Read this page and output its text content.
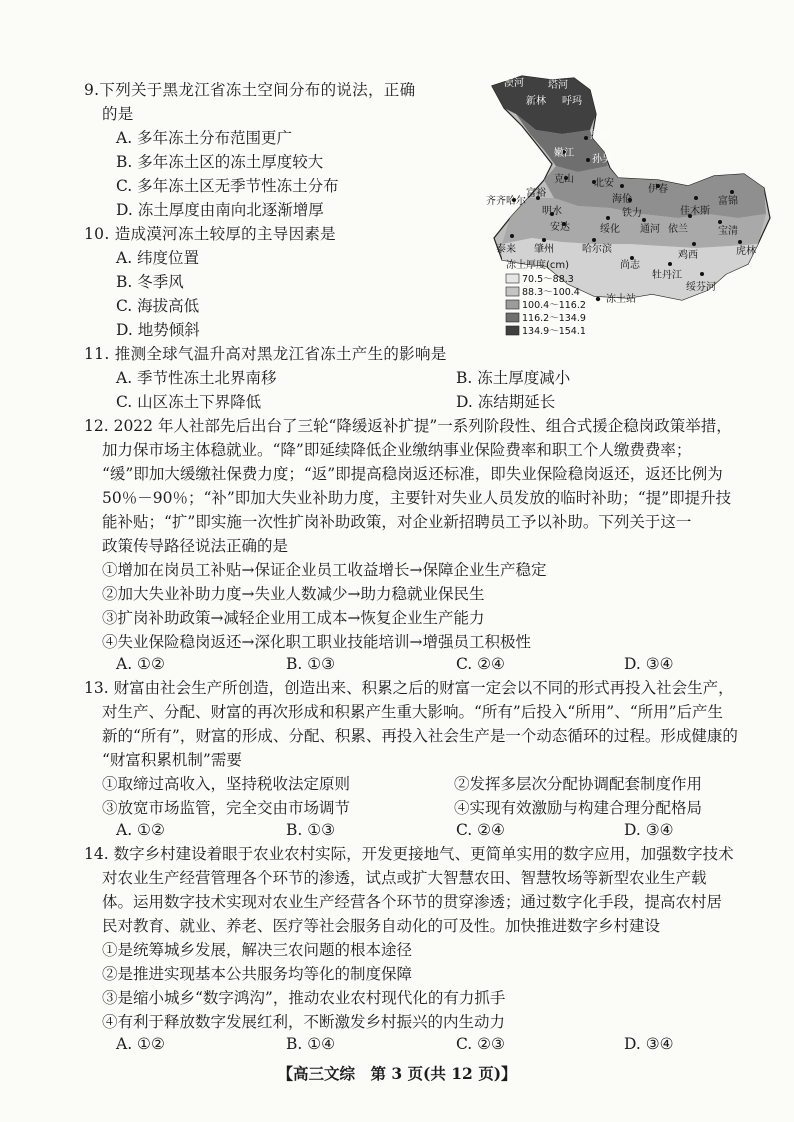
9.下列关于黑龙江省冻土空间分布的说法，正确
的是
A. 多年冻土分布范围更广
B. 多年冻土区的冻土厚度较大
C. 多年冻土区无季节性冻土分布
D. 冻土厚度由南向北逐渐增厚
10. 造成漠河冻土较厚的主导因素是
A. 纬度位置
B. 冬季风
C. 海拔高低
D. 地势倾斜
漠河 塔河
新林 呼玛
黑河
嫩江
孙吴
克山 北安
富裕
明水
海伦
铁力
伊春
齐齐哈尔
安达	绥化 通河
佳木斯
富锦
泰来 肇州	哈尔滨
依兰	宝清
尚志
鸡西	虎林
牡丹江
绥芬河
冻土厚度(cm)
70.5～88.3
88.3～100.4
100.4～116.2
116.2～134.9
134.9～154.1
冻土站
11. 推测全球气温升高对黑龙江省冻土产生的影响是
A. 季节性冻土北界南移	B. 冻土厚度减小
C. 山区冻土下界降低	D. 冻结期延长
12. 2022 年人社部先后出台了三轮“降缓返补扩提”一系列阶段性、组合式援企稳岗政策举措，
加力保市场主体稳就业。“降”即延续降低企业缴纳事业保险费率和职工个人缴费费率；
“缓”即加大缓缴社保费力度；“返”即提高稳岗返还标准，即失业保险稳岗返还，返还比例为
50％－90％；“补”即加大失业补助力度，主要针对失业人员发放的临时补助；“提”即提升技
能补贴；“扩”即实施一次性扩岗补助政策，对企业新招聘员工予以补助。下列关于这一
政策传导路径说法正确的是
①增加在岗员工补贴→保证企业员工收益增长→保障企业生产稳定
②加大失业补助力度→失业人数减少→助力稳就业保民生
③扩岗补助政策→减轻企业用工成本→恢复企业生产能力
④失业保险稳岗返还→深化职工职业技能培训→增强员工积极性
A. ①②	B. ①③	C. ②④	D. ③④
13. 财富由社会生产所创造，创造出来、积累之后的财富一定会以不同的形式再投入社会生产，
对生产、分配、财富的再次形成和积累产生重大影响。“所有”后投入“所用”、“所用”后产生
新的“所有”，财富的形成、分配、积累、再投入社会生产是一个动态循环的过程。形成健康的
“财富积累机制”需要
①取缔过高收入，坚持税收法定原则	②发挥多层次分配协调配套制度作用
③放宽市场监管，完全交由市场调节	④实现有效激励与构建合理分配格局
A. ①②	B. ①③	C. ②④	D. ③④
14. 数字乡村建设着眼于农业农村实际，开发更接地气、更简单实用的数字应用，加强数字技术
对农业生产经营管理各个环节的渗透，试点或扩大智慧农田、智慧牧场等新型农业生产载
体。运用数字技术实现对农业生产经营各个环节的贯穿渗透；通过数字化手段，提高农村居
民对教育、就业、养老、医疗等社会服务自动化的可及性。加快推进数字乡村建设
①是统筹城乡发展，解决三农问题的根本途径
②是推进实现基本公共服务均等化的制度保障
③是缩小城乡“数字鸿沟”，推动农业农村现代化的有力抓手
④有利于释放数字发展红利，不断激发乡村振兴的内生动力
A. ①②	B. ①④	C. ②③	D. ③④
【高三文综　第 3 页(共 12 页)】
